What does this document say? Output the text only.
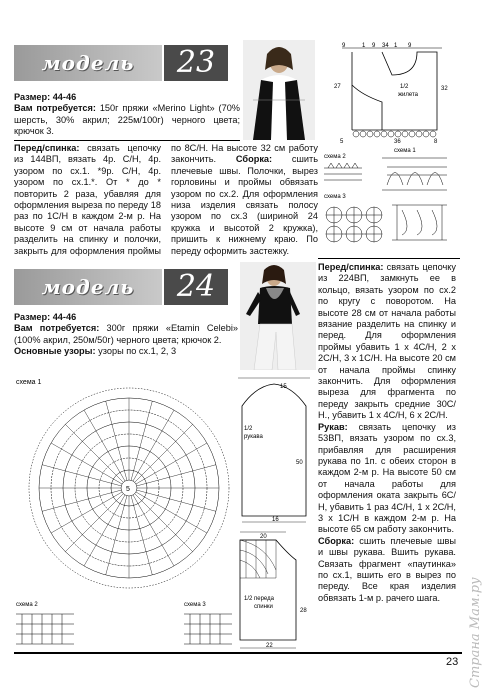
модель	23
Размер: 44-46
Вам потребуется: 150г пряжи «Merino Light» (70% шерсть, 30% акрил; 225м/100г) черного цвета; крючок 3.
Перед/спинка: связать цепочку из 144ВП, вязать 4р. С/Н, 4р. узором по сх.1. *9р. С/Н, 4р. узором по сх.1.*. От * до * повторить 2 раза, убавляя для оформления выреза по переду 18 раз по 1С/Н в каждом 2-м р. На высоте 9 см от начала работы разделить на спинку и полочки, закрыть для оформления проймы по 8С/Н. На высоте 32 см работу закончить. Сборка: сшить плечевые швы. Полочки, вырез горловины и проймы обвязать узором по сх.2. Для оформления низа изделия связать полосу узором по сх.3 (шириной 24 кружка и высотой 2 кружка), пришить к нижнему краю. По переду оформить застежку.
9	1 9 34 1 9
27	32
1/2
жилета
5	36	8
схема 1
схема 2
схема 3
модель	24
Размер: 44-46
Вам потребуется: 300г пряжи «Etamin Celebi» (100% акрил, 250м/50г) черного цвета; крючок 2.
Основные узоры: узоры по сх.1, 2, 3
Перед/спинка: связать цепочку из 224ВП, замкнуть ее в кольцо, вязать узором по сх.2 по кругу с поворотом. На высоте 28 см от начала работы вязание разделить на спинку и перед. Для оформления проймы убавить 1 х 4С/Н, 2 х 2С/Н, 3 х 1С/Н. На высоте 20 см от начала проймы спинку закончить. Для оформления выреза для фрагмента по переду закрыть средние 30С/Н., убавить 1 х 4С/Н, 6 х 2С/Н.
Рукав: связать цепочку из 53ВП, вязать узором по сх.3, прибавляя для расширения рукава по 1п. с обеих сторон в каждом 2-м р. На высоте 50 см от начала работы для оформления оката закрыть 6С/Н, убавить 1 раз 4С/Н, 1 х 2С/Н, 3 х 1С/Н в каждом 2-м р. На высоте 65 см работу закончить.
Сборка: сшить плечевые швы и швы рукава. Вшить рукава. Связать фрагмент «паутинка» по сх.1, вшить его в вырез по переду. Все края изделия обвязать 1-м р. рачего шага.
схема 1
5
15
1/2
рукава
50
16
схема 2	схема 3
20
1/2 переда
спинки
28
22
23 Страна Мам.ру
